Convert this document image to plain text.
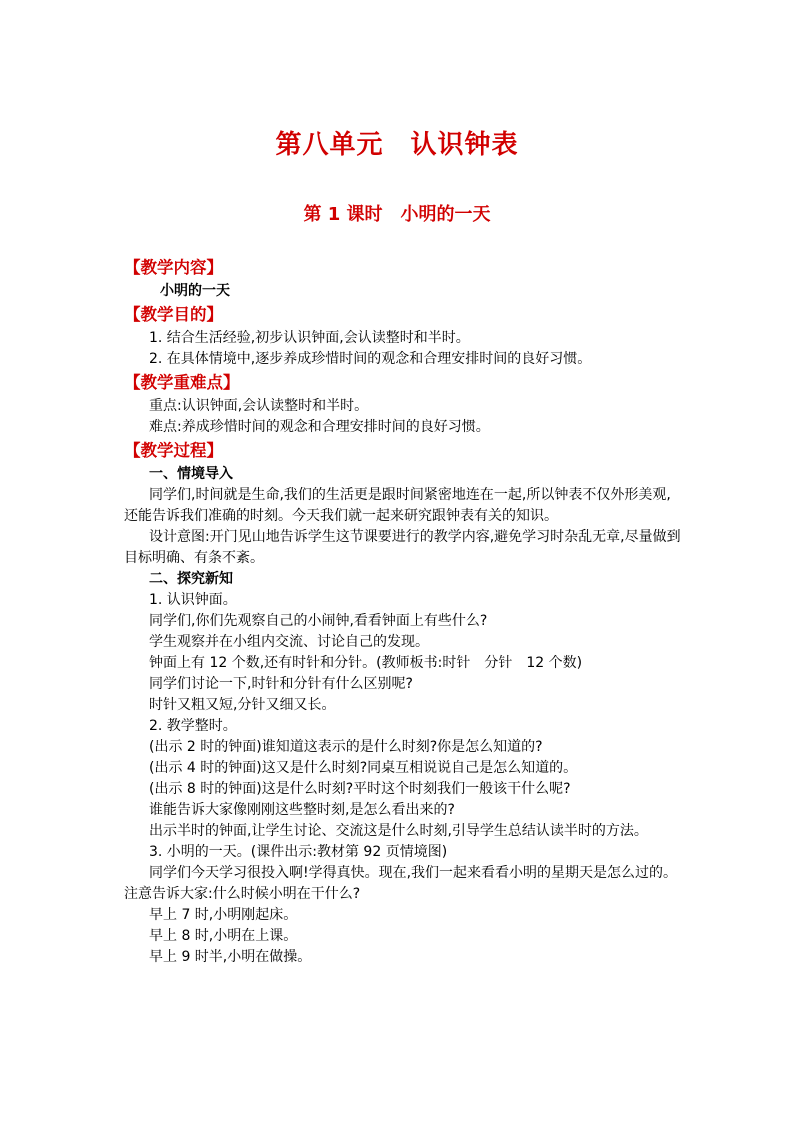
第八单元　认识钟表
第 1 课时　小明的一天
【教学内容】
小明的一天
【教学目的】
1. 结合生活经验,初步认识钟面,会认读整时和半时。
2. 在具体情境中,逐步养成珍惜时间的观念和合理安排时间的良好习惯。
【教学重难点】
重点:认识钟面,会认读整时和半时。
难点:养成珍惜时间的观念和合理安排时间的良好习惯。
【教学过程】
一、情境导入
同学们,时间就是生命,我们的生活更是跟时间紧密地连在一起,所以钟表不仅外形美观,还能告诉我们准确的时刻。今天我们就一起来研究跟钟表有关的知识。
设计意图:开门见山地告诉学生这节课要进行的教学内容,避免学习时杂乱无章,尽量做到目标明确、有条不紊。
二、探究新知
1. 认识钟面。
同学们,你们先观察自己的小闹钟,看看钟面上有些什么?
学生观察并在小组内交流、讨论自己的发现。
钟面上有 12 个数,还有时针和分针。(教师板书:时针　分针　12 个数)
同学们讨论一下,时针和分针有什么区别呢?
时针又粗又短,分针又细又长。
2. 教学整时。
(出示 2 时的钟面)谁知道这表示的是什么时刻?你是怎么知道的?
(出示 4 时的钟面)这又是什么时刻?同桌互相说说自己是怎么知道的。
(出示 8 时的钟面)这是什么时刻?平时这个时刻我们一般该干什么呢?
谁能告诉大家像刚刚这些整时刻,是怎么看出来的?
出示半时的钟面,让学生讨论、交流这是什么时刻,引导学生总结认读半时的方法。
3. 小明的一天。(课件出示:教材第 92 页情境图)
同学们今天学习很投入啊!学得真快。现在,我们一起来看看小明的星期天是怎么过的。注意告诉大家:什么时候小明在干什么?
早上 7 时,小明刚起床。
早上 8 时,小明在上课。
早上 9 时半,小明在做操。
